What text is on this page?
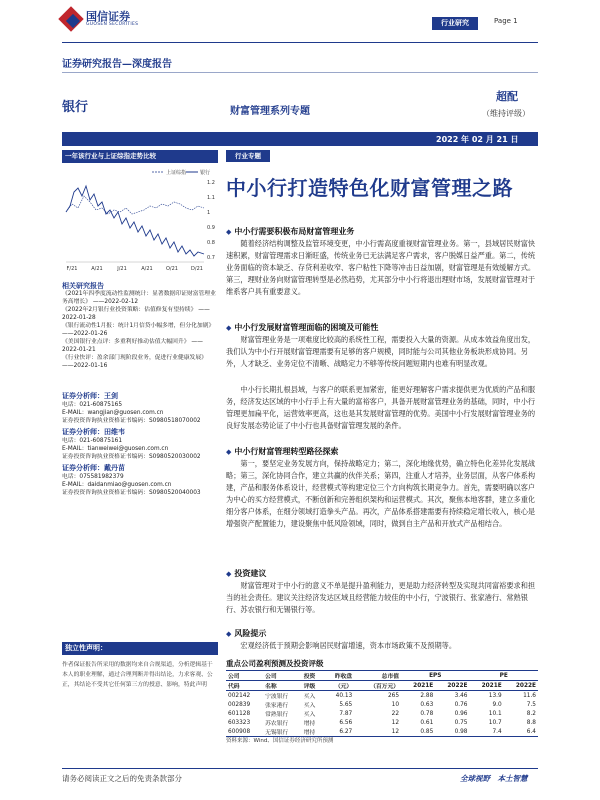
国信证券
GUOSEN SECURITIES	行业研究	Page 1
证券研究报告—深度报告
银行	财富管理系列专题
超配
（维持评级）
2022 年 02 月 21 日
一年该行业与上证综指走势比较
上证综指	银行
1.2
1.1
1
0.9
0.8
0.7
F/21	A/21	J/21	A/21	O/21	D/21
相关研究报告
《2021年四季度流动性监测统计：显著数据印证财富管理业务高增长》 ——2022-02-12
《2022年2月银行业投资策略：估值修复有望持续》 ——2022-01-28
《银行流动性1月报：统计1月信贷小幅多增，但分化加剧》 ——2022-01-26
《美国银行业点评：多重利好推动估值大幅回升》 ——2022-01-21
《行业快评：盈余部门现阶段业务，促进行业健康发展》 ——2022-01-16
证券分析师：王剑
电话：021-60875165
E-MAIL：wangjian@guosen.com.cn
证券投资咨询执业资格证书编码：S0980518070002
证券分析师：田维韦
电话：021-60875161
E-MAIL：tianweiwei@guosen.com.cn
证券投资咨询执业资格证书编码：S0980520030002
证券分析师：戴丹苗
电话：075581982379
E-MAIL：daidanmiao@guosen.com.cn
证券投资咨询执业资格证书编码：S0980520040003
独立性声明：
作者保证报告所采用的数据均来自合规渠道，分析逻辑基于本人的职业理解，通过合理判断并得出结论，力求客观、公正，其结论不受其它任何第三方的授意、影响，特此声明
行业专题
中小行打造特色化财富管理之路
◆ 中小行需要积极布局财富管理业务
随着经济结构调整及监管环境变更，中小行需高度重视财富管理业务。第一，县域居民财富快速积累，财富管理需求日渐旺盛，传统业务已无法满足客户需求，客户脱媒日益严重。第二，传统业务面临的资本缺乏、存贷利差收窄、客户粘性下降等冲击日益加剧，财富管理是有效缓解方式。第三，理财业务向财富管理转型是必然趋势，尤其部分中小行将退出理财市场，发展财富管理对于维系客户具有重要意义。
◆ 中小行发展财富管理面临的困境及可能性
财富管理业务是一项难度比较高的系统性工程，需要投入大量的资源。从成本效益角度出发，我们认为中小行开展财富管理需要有足够的客户规模，同时能与公司其他业务板块形成协同。另外，人才缺乏、业务定位不清晰、战略定力不够等传统问题短期内也难有明显改观。
中小行长期扎根县域，与客户的联系更加紧密，能更好理解客户需求提供更为优质的产品和服务，经济发达区域的中小行手上有大量的富裕客户，具备开展财富管理业务的基础，同时，中小行管理更加扁平化，运营效率更高，这也是其发展财富管理的优势。美国中小行发展财富管理业务的良好发展态势论证了中小行也具备财富管理发展的条件。
◆ 中小行财富管理转型路径探索
第一，要坚定业务发展方向，保持战略定力；第二，深化地缘优势，确立特色化差异化发展战略；第三，深化协同合作，建立共赢的伙伴关系；第四，注重人才培养，业务层面，从客户体系构建，产品和服务体系设计，经营模式等构建定位三个方向构筑长期竞争力。首先，需要明确以客户为中心的买方经营模式，不断创新和完善组织架构和运营模式。其次，聚焦本地客群，建立多重化细分客户体系，在细分领域打造拳头产品。再次，产品体系搭建需要有持续稳定增长收入，核心是增强资产配置能力，建设聚焦中低风险领域，同时，做到自主产品和开放式产品相结合。
◆ 投资建议
财富管理对于中小行的意义不单是提升盈利能力，更是助力经济转型及实现共同富裕要求和担当的社会责任。建议关注经济发达区域且经营能力较佳的中小行，宁波银行、张家港行、常熟银行、苏农银行和无锡银行等。
◆ 风险提示
宏观经济低于预期会影响居民财富增速，资本市场政策不及预期等。
重点公司盈利预测及投资评级
公司	公司	投资	昨收盘	总市值	EPS		PE	
代码	名称	评级	（元）	（百万元）	2021E	2022E	2021E	2022E
002142	宁波银行	买入	40.13	265	2.88	3.46	13.9	11.6
002839	张家港行	买入	5.65	10	0.63	0.76	9.0	7.5
601128	常熟银行	买入	7.87	22	0.78	0.96	10.1	8.2
603323	苏农银行	增持	6.56	12	0.61	0.75	10.7	8.8
600908	无锡银行	增持	6.27	12	0.85	0.98	7.4	6.4
资料来源：Wind、国信证券经济研究所预测
请务必阅读正文之后的免责条款部分	全球视野　本土智慧
